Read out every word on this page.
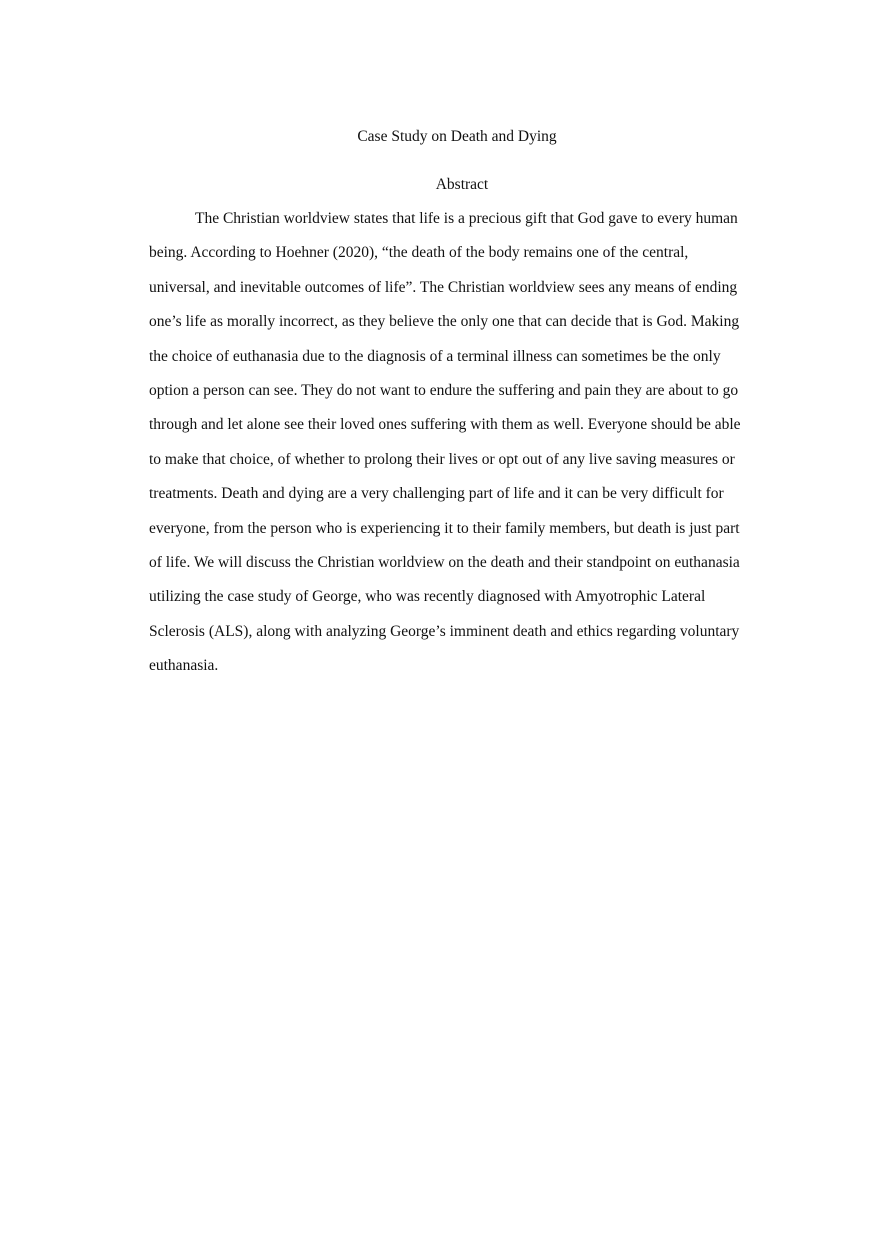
Case Study on Death and Dying
Abstract
The Christian worldview states that life is a precious gift that God gave to every human
being. According to Hoehner (2020), “the death of the body remains one of the central,
universal, and inevitable outcomes of life”. The Christian worldview sees any means of ending
one’s life as morally incorrect, as they believe the only one that can decide that is God. Making
the choice of euthanasia due to the diagnosis of a terminal illness can sometimes be the only
option a person can see. They do not want to endure the suffering and pain they are about to go
through and let alone see their loved ones suffering with them as well. Everyone should be able
to make that choice, of whether to prolong their lives or opt out of any live saving measures or
treatments. Death and dying are a very challenging part of life and it can be very difficult for
everyone, from the person who is experiencing it to their family members, but death is just part
of life. We will discuss the Christian worldview on the death and their standpoint on euthanasia
utilizing the case study of George, who was recently diagnosed with Amyotrophic Lateral
Sclerosis (ALS), along with analyzing George’s imminent death and ethics regarding voluntary
euthanasia.
